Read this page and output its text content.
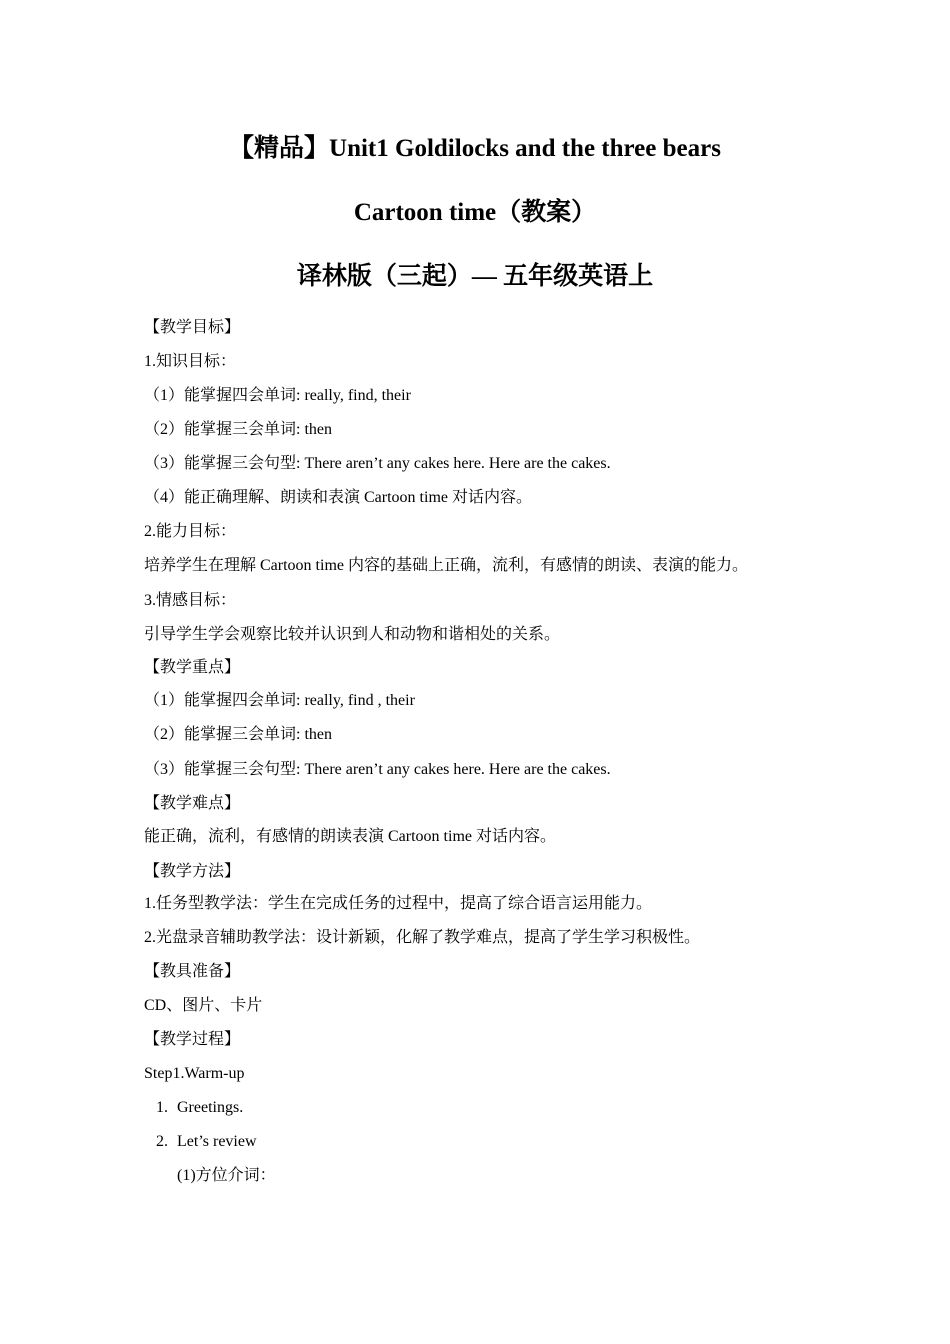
【精品】Unit1 Goldilocks and the three bears
Cartoon time（教案）
译林版（三起）— 五年级英语上
【教学目标】
1.知识目标：
（1）能掌握四会单词: really, find, their
（2）能掌握三会单词: then
（3）能掌握三会句型: There aren’t any cakes here. Here are the cakes.
（4）能正确理解、朗读和表演 Cartoon time 对话内容。
2.能力目标：
培养学生在理解 Cartoon time 内容的基础上正确，流利，有感情的朗读、表演的能力。
3.情感目标：
引导学生学会观察比较并认识到人和动物和谐相处的关系。
【教学重点】
（1）能掌握四会单词: really, find , their
（2）能掌握三会单词: then
（3）能掌握三会句型: There aren’t any cakes here. Here are the cakes.
【教学难点】
能正确，流利，有感情的朗读表演 Cartoon time 对话内容。
【教学方法】
1.任务型教学法：学生在完成任务的过程中，提高了综合语言运用能力。
2.光盘录音辅助教学法：设计新颖，化解了教学难点，提高了学生学习积极性。
【教具准备】
CD、图片、卡片
【教学过程】
Step1.Warm-up
1. Greetings.
2. Let’s review
(1)方位介词：
